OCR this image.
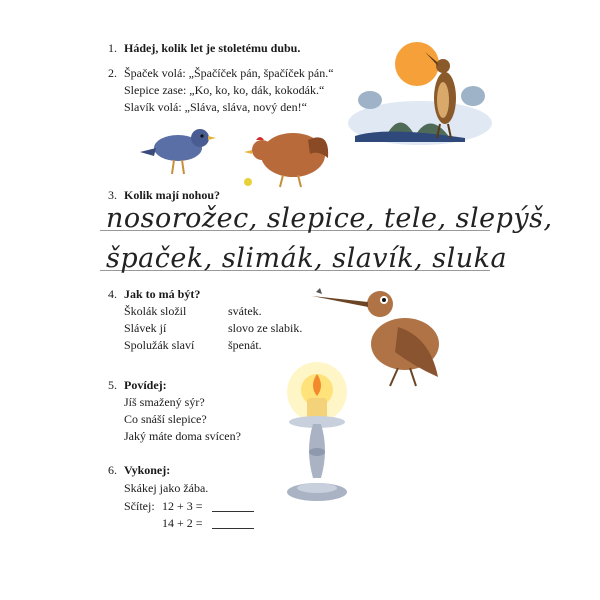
1. Hádej, kolik let je stoletému dubu.
2. Špaček volá: „Špačíček pán, špačíček pán.“
Slepice zase: „Ko, ko, ko, dák, kokodák.“
Slavík volá: „Sláva, sláva, nový den!“
3. Kolik mají nohou?
nosorožec, slepice, tele, slepýš,
špaček, slimák, slavík, sluka
4. Jak to má být?
Školák složil
Slávek jí
Spolužák slaví
svátek.
slovo ze slabik.
špenát.
5. Povídej:
Jíš smažený sýr?
Co snáší slepice?
Jaký máte doma svícen?
6. Vykonej:
Skákej jako žába.
Sčítej: 12 + 3 =
14 + 2 =
